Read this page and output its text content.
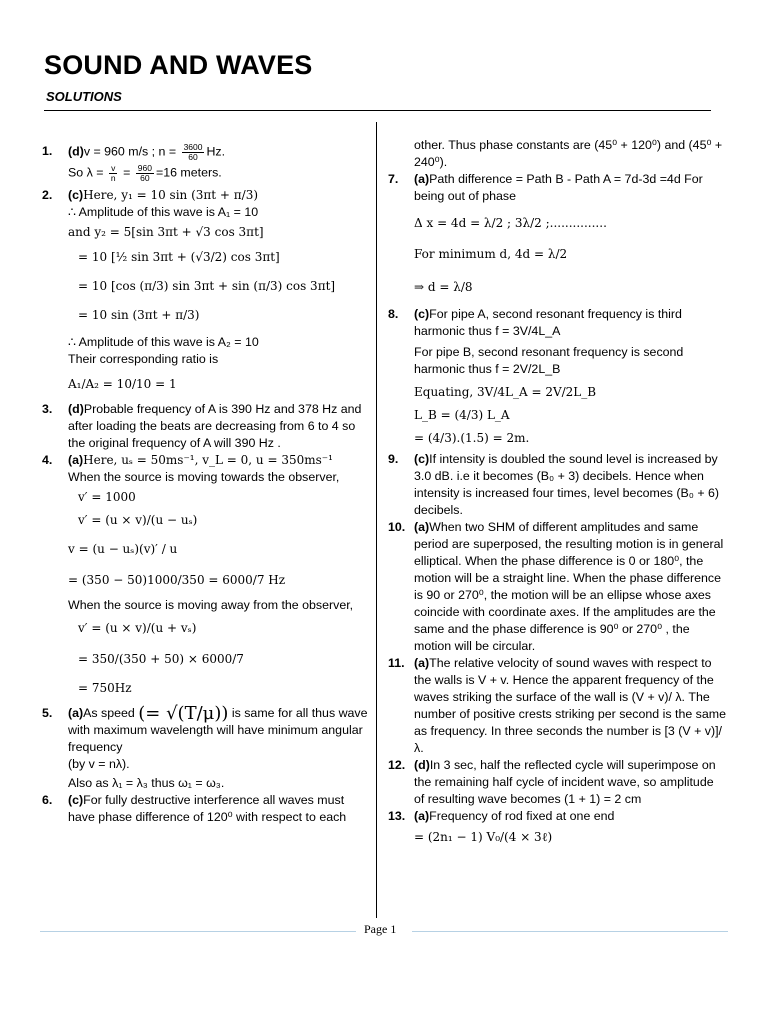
SOUND AND WAVES
SOLUTIONS
1. (d)v = 960 m/s ; $n = \frac{3600}{60} Hz$.
So $\lambda = \frac{v}{n} = \frac{960}{60} =16$ meters.
2. (c)Here, y₁ = 10 sin (3πt + π/3)
∴ Amplitude of this wave is A₁ = 10
and y₂ = 5[sin 3πt + √3 cos 3πt]
= 10 [½ sin 3πt + (√3/2) cos 3πt]
= 10 [cos (π/3) sin 3πt + sin (π/3) cos 3πt]
= 10 sin (3πt + π/3)
∴ Amplitude of this wave is A₂ = 10
Their corresponding ratio is
A₁/A₂ = 10/10 = 1
3. (d)Probable frequency of A is 390 Hz and 378 Hz and after loading the beats are decreasing from 6 to 4 so the original frequency of A will 390 Hz .
4. (a)Here, uₛ = 50ms⁻¹, v_L = 0, u = 350ms⁻¹
When the source is moving towards the observer,
v′ = 1000
v′ = (u × v)/(u − uₛ)
v = (u − uₛ)(v)′ / u
= (350 − 50)1000/350 = 6000/7 Hz
When the source is moving away from the observer,
v′ = (u × v)/(u + vₛ)
= 350/(350 + 50) × 6000/7
= 750Hz
5. (a)As speed (= √(T/μ)) is same for all thus wave with maximum wavelength will have minimum angular frequency
(by v = nλ).
Also as λ₁ = λ₃ thus ω₁ = ω₃.
6. (c)For fully destructive interference all waves must have phase difference of 120⁰ with respect to each
other. Thus phase constants are (45⁰ + 120⁰) and (45⁰ + 240⁰).
7. (a)Path difference = Path B - Path A = 7d-3d =4d For being out of phase
Δ x = 4d = λ/2 ; 3λ/2 ;...............
For minimum d, 4d = λ/2
⇒ d = λ/8
8. (c)For pipe A, second resonant frequency is third harmonic thus f = 3V/4L_A
For pipe B, second resonant frequency is second harmonic thus f = 2V/2L_B
Equating, 3V/4L_A = 2V/2L_B
L_B = (4/3) L_A
= (4/3).(1.5) = 2m.
9. (c)If intensity is doubled the sound level is increased by 3.0 dB. i.e it becomes (B₀ + 3) decibels. Hence when intensity is increased four times, level becomes (B₀ + 6) decibels.
10. (a)When two SHM of different amplitudes and same period are superposed, the resulting motion is in general elliptical. When the phase difference is 0 or 180⁰, the motion will be a straight line. When the phase difference is 90 or 270⁰, the motion will be an ellipse whose axes coincide with coordinate axes. If the amplitudes are the same and the phase difference is 90⁰ or 270⁰ , the motion will be circular.
11. (a)The relative velocity of sound waves with respect to the walls is V + v. Hence the apparent frequency of the waves striking the surface of the wall is (V + v)/ λ. The number of positive crests striking per second is the same as frequency. In three seconds the number is [3 (V + v)]/ λ.
12. (d)In 3 sec, half the reflected cycle will superimpose on the remaining half cycle of incident wave, so amplitude of resulting wave becomes (1 + 1) = 2 cm
13. (a)Frequency of rod fixed at one end
= (2n₁ − 1) V₀/(4 × 3ℓ)
Page 1
